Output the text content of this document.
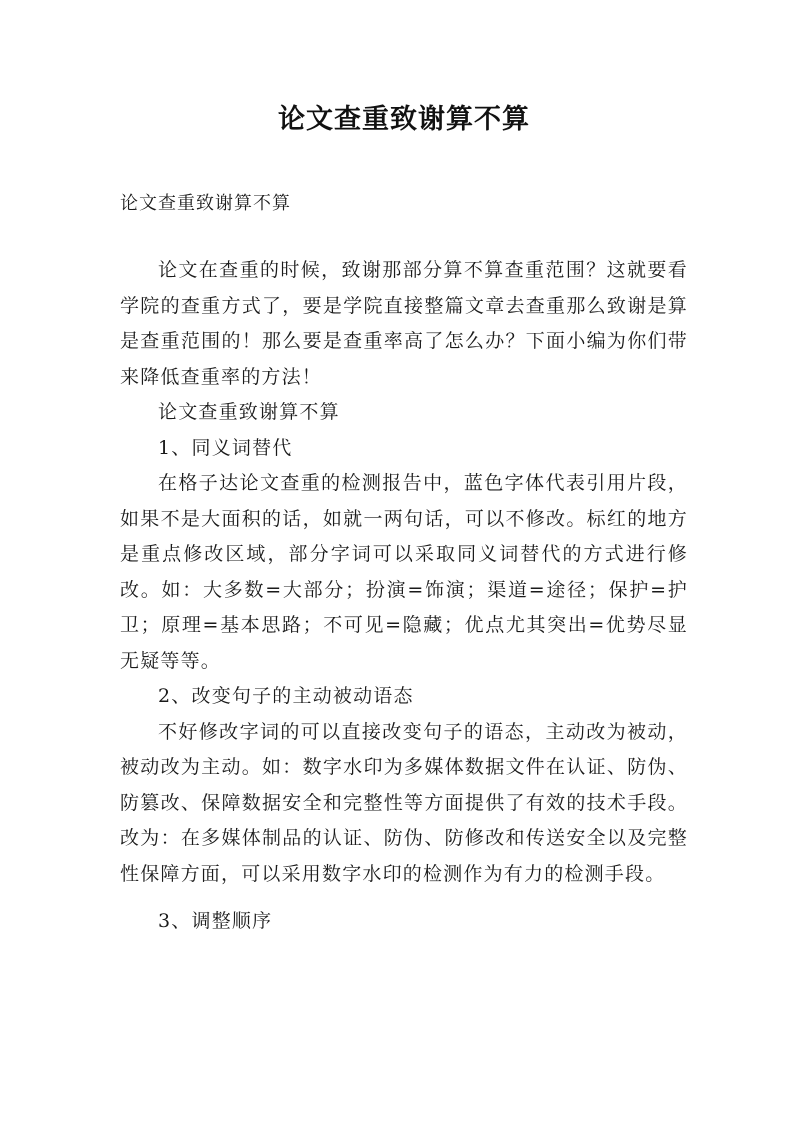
论文查重致谢算不算

论文查重致谢算不算

论文在查重的时候，致谢那部分算不算查重范围？这就要看学院的查重方式了，要是学院直接整篇文章去查重那么致谢是算是查重范围的！那么要是查重率高了怎么办？下面小编为你们带来降低查重率的方法！

论文查重致谢算不算

1、同义词替代

在格子达论文查重的检测报告中，蓝色字体代表引用片段，如果不是大面积的话，如就一两句话，可以不修改。标红的地方是重点修改区域，部分字词可以采取同义词替代的方式进行修改。如：大多数=大部分；扮演=饰演；渠道=途径；保护=护卫；原理=基本思路；不可见=隐藏；优点尤其突出=优势尽显无疑等等。

2、改变句子的主动被动语态

不好修改字词的可以直接改变句子的语态，主动改为被动，被动改为主动。如：数字水印为多媒体数据文件在认证、防伪、防篡改、保障数据安全和完整性等方面提供了有效的技术手段。改为：在多媒体制品的认证、防伪、防修改和传送安全以及完整性保障方面，可以采用数字水印的检测作为有力的检测手段。

3、调整顺序
